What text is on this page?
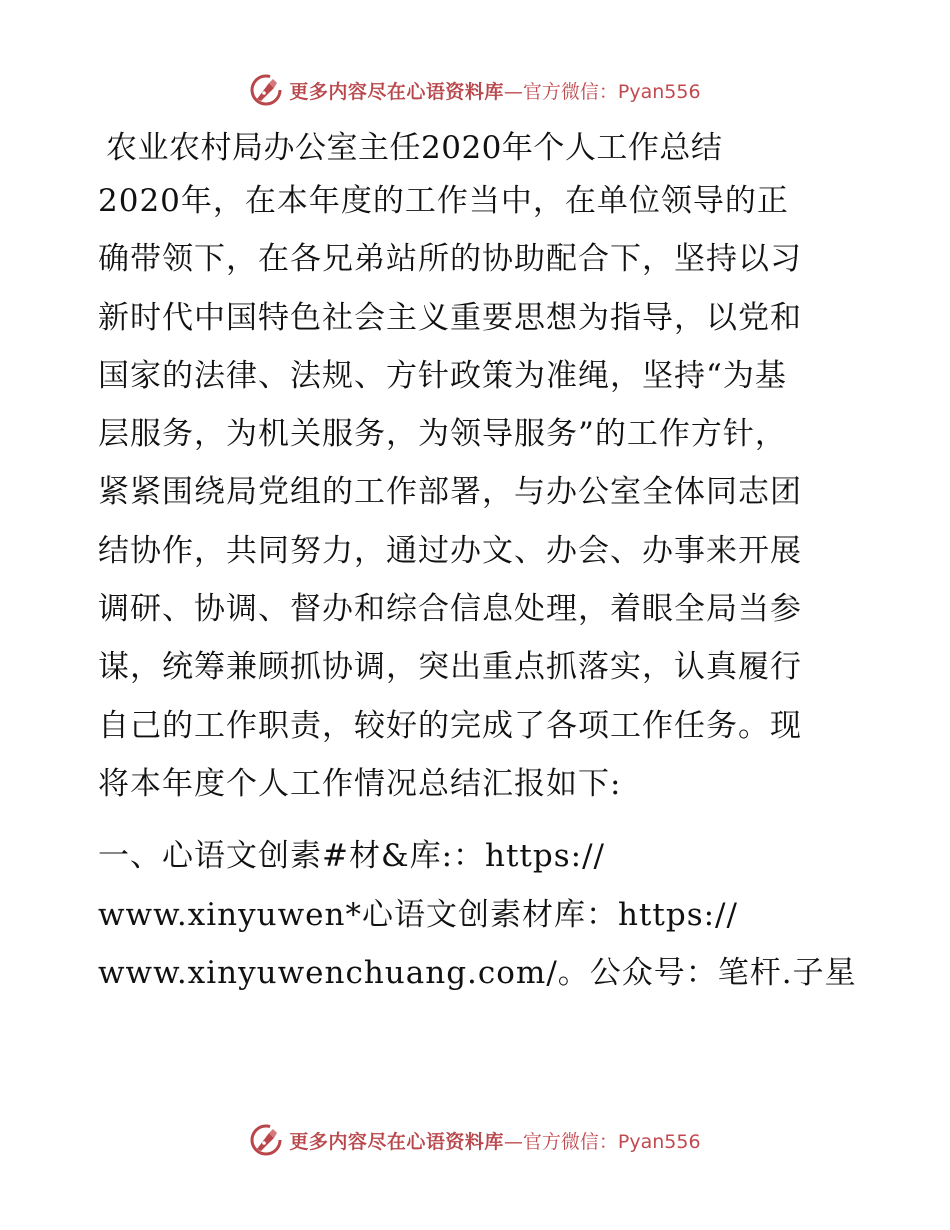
更多内容尽在心语资料库 —官方微信：Pyan556
农业农村局办公室主任2020年个人工作总结
2020年，在本年度的工作当中，在单位领导的正
确带领下，在各兄弟站所的协助配合下，坚持以习
新时代中国特色社会主义重要思想为指导，以党和
国家的法律、法规、方针政策为准绳，坚持“为基
层服务，为机关服务，为领导服务”的工作方针，
紧紧围绕局党组的工作部署，与办公室全体同志团
结协作，共同努力，通过办文、办会、办事来开展
调研、协调、督办和综合信息处理，着眼全局当参
谋，统筹兼顾抓协调，突出重点抓落实，认真履行
自己的工作职责，较好的完成了各项工作任务。现
将本年度个人工作情况总结汇报如下:
一、心语文创素#材&库:：https://
www.xinyuwen*心语文创素材库：https://
www.xinyuwenchuang.com/。公众号：笔杆.子星
更多内容尽在心语资料库 —官方微信：Pyan556
